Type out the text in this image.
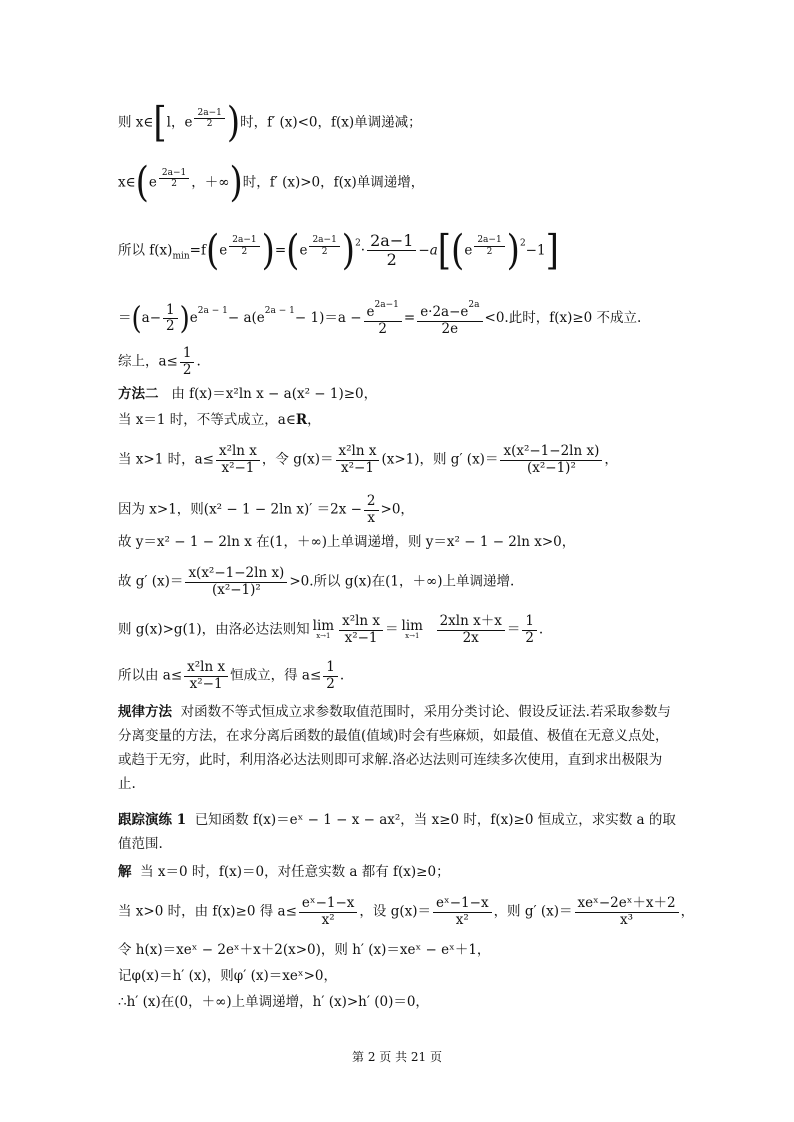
则 x∈[l，e $\frac{2a-1}{2}$ )时，f′ (x)<0，f(x)单调递减；
x∈(e $\frac{2a-1}{2}$ ，＋∞)时，f′ (x)>0，f(x)单调递增，
所以 $f(x)_{min}=f(e \frac{2a-1}{2} )=(e \frac{2a-1}{2} )^2\cdot \frac{2a-1}{2} -a[(e \frac{2a-1}{2} )^2-1]$
$=(a- \frac{1}{2} )e^{2a - 1}- a(e^{2a - 1}- 1)=a - \frac{e^{2a-1}}{2} = \frac{e\cdot 2a-e^{2a}}{2e} <0$.此时，f(x)≥0 不成立.
综上，$a\le \frac{1}{2}$ .
方法二 由 f(x)＝x²ln x − a(x² − 1)≥0，
当 x＝1 时，不等式成立，a∈R，
当 x>1 时，$a\le \frac{\text{x²ln x}}{\text{x²−1}}$ ，令 $g(x)= \frac{\text{x²ln x}}{\text{x²−1}} (x>1)$，则 g′ $(x)= \frac{\text{x(x²−1−2ln x)}}{\text{(x²−1)²}}$ ，
因为 x>1，则(x² − 1 − 2ln $x)' =2x - \frac{2}{x} >0$，
故 y＝x² − 1 − 2ln x 在(1，＋∞)上单调递增，则 y＝x² − 1 − 2ln x>0，
故 g′ $(x)= \frac{\text{x(x²−1−2ln x)}}{\text{(x²−1)²}} >0$.所以 g(x)在(1，＋∞)上单调递增.
则 g(x)>g(1)，由洛必达法则知 lim
$x\to 1 \frac{\text{x²ln x}}{\text{x²−1}} = \lim$
x→1
$\frac{\text{2xln x＋x}}{2x} = \frac{1}{2}$ .
所以由 $a\le \frac{\text{x²ln x}}{\text{x²−1}}$ 恒成立，得 $a\le \frac{1}{2}$ .
规律方法 对函数不等式恒成立求参数取值范围时，采用分类讨论、假设反证法.若采取参数与分离变量的方法，在求分离后函数的最值(值域)时会有些麻烦，如最值、极值在无意义点处，或趋于无穷，此时，利用洛必达法则即可求解.洛必达法则可连续多次使用，直到求出极限为止.
跟踪演练 1 已知函数 f(x)＝eˣ − 1 − x − ax²，当 x≥0 时，f(x)≥0 恒成立，求实数 a 的取值范围.
解 当 x＝0 时，f(x)＝0，对任意实数 a 都有 f(x)≥0；
当 x>0 时，由 f(x)≥0 得 $a\le \frac{\text{eˣ−1−x}}{\text{x²}}$ ，设 $g(x)= \frac{\text{eˣ−1−x}}{\text{x²}}$ ，则 g′ $(x)= \frac{\text{xeˣ−2eˣ＋x＋2}}{\text{x³}}$ ，
令 h(x)＝xeˣ − 2eˣ＋x＋2(x>0)，则 h′ (x)＝xeˣ − eˣ＋1，
记φ(x)＝h′ (x)，则φ′ (x)＝xeˣ>0，
∴h′ (x)在(0，＋∞)上单调递增，h′ (x)>h′ (0)＝0，
第 2 页 共 21 页
